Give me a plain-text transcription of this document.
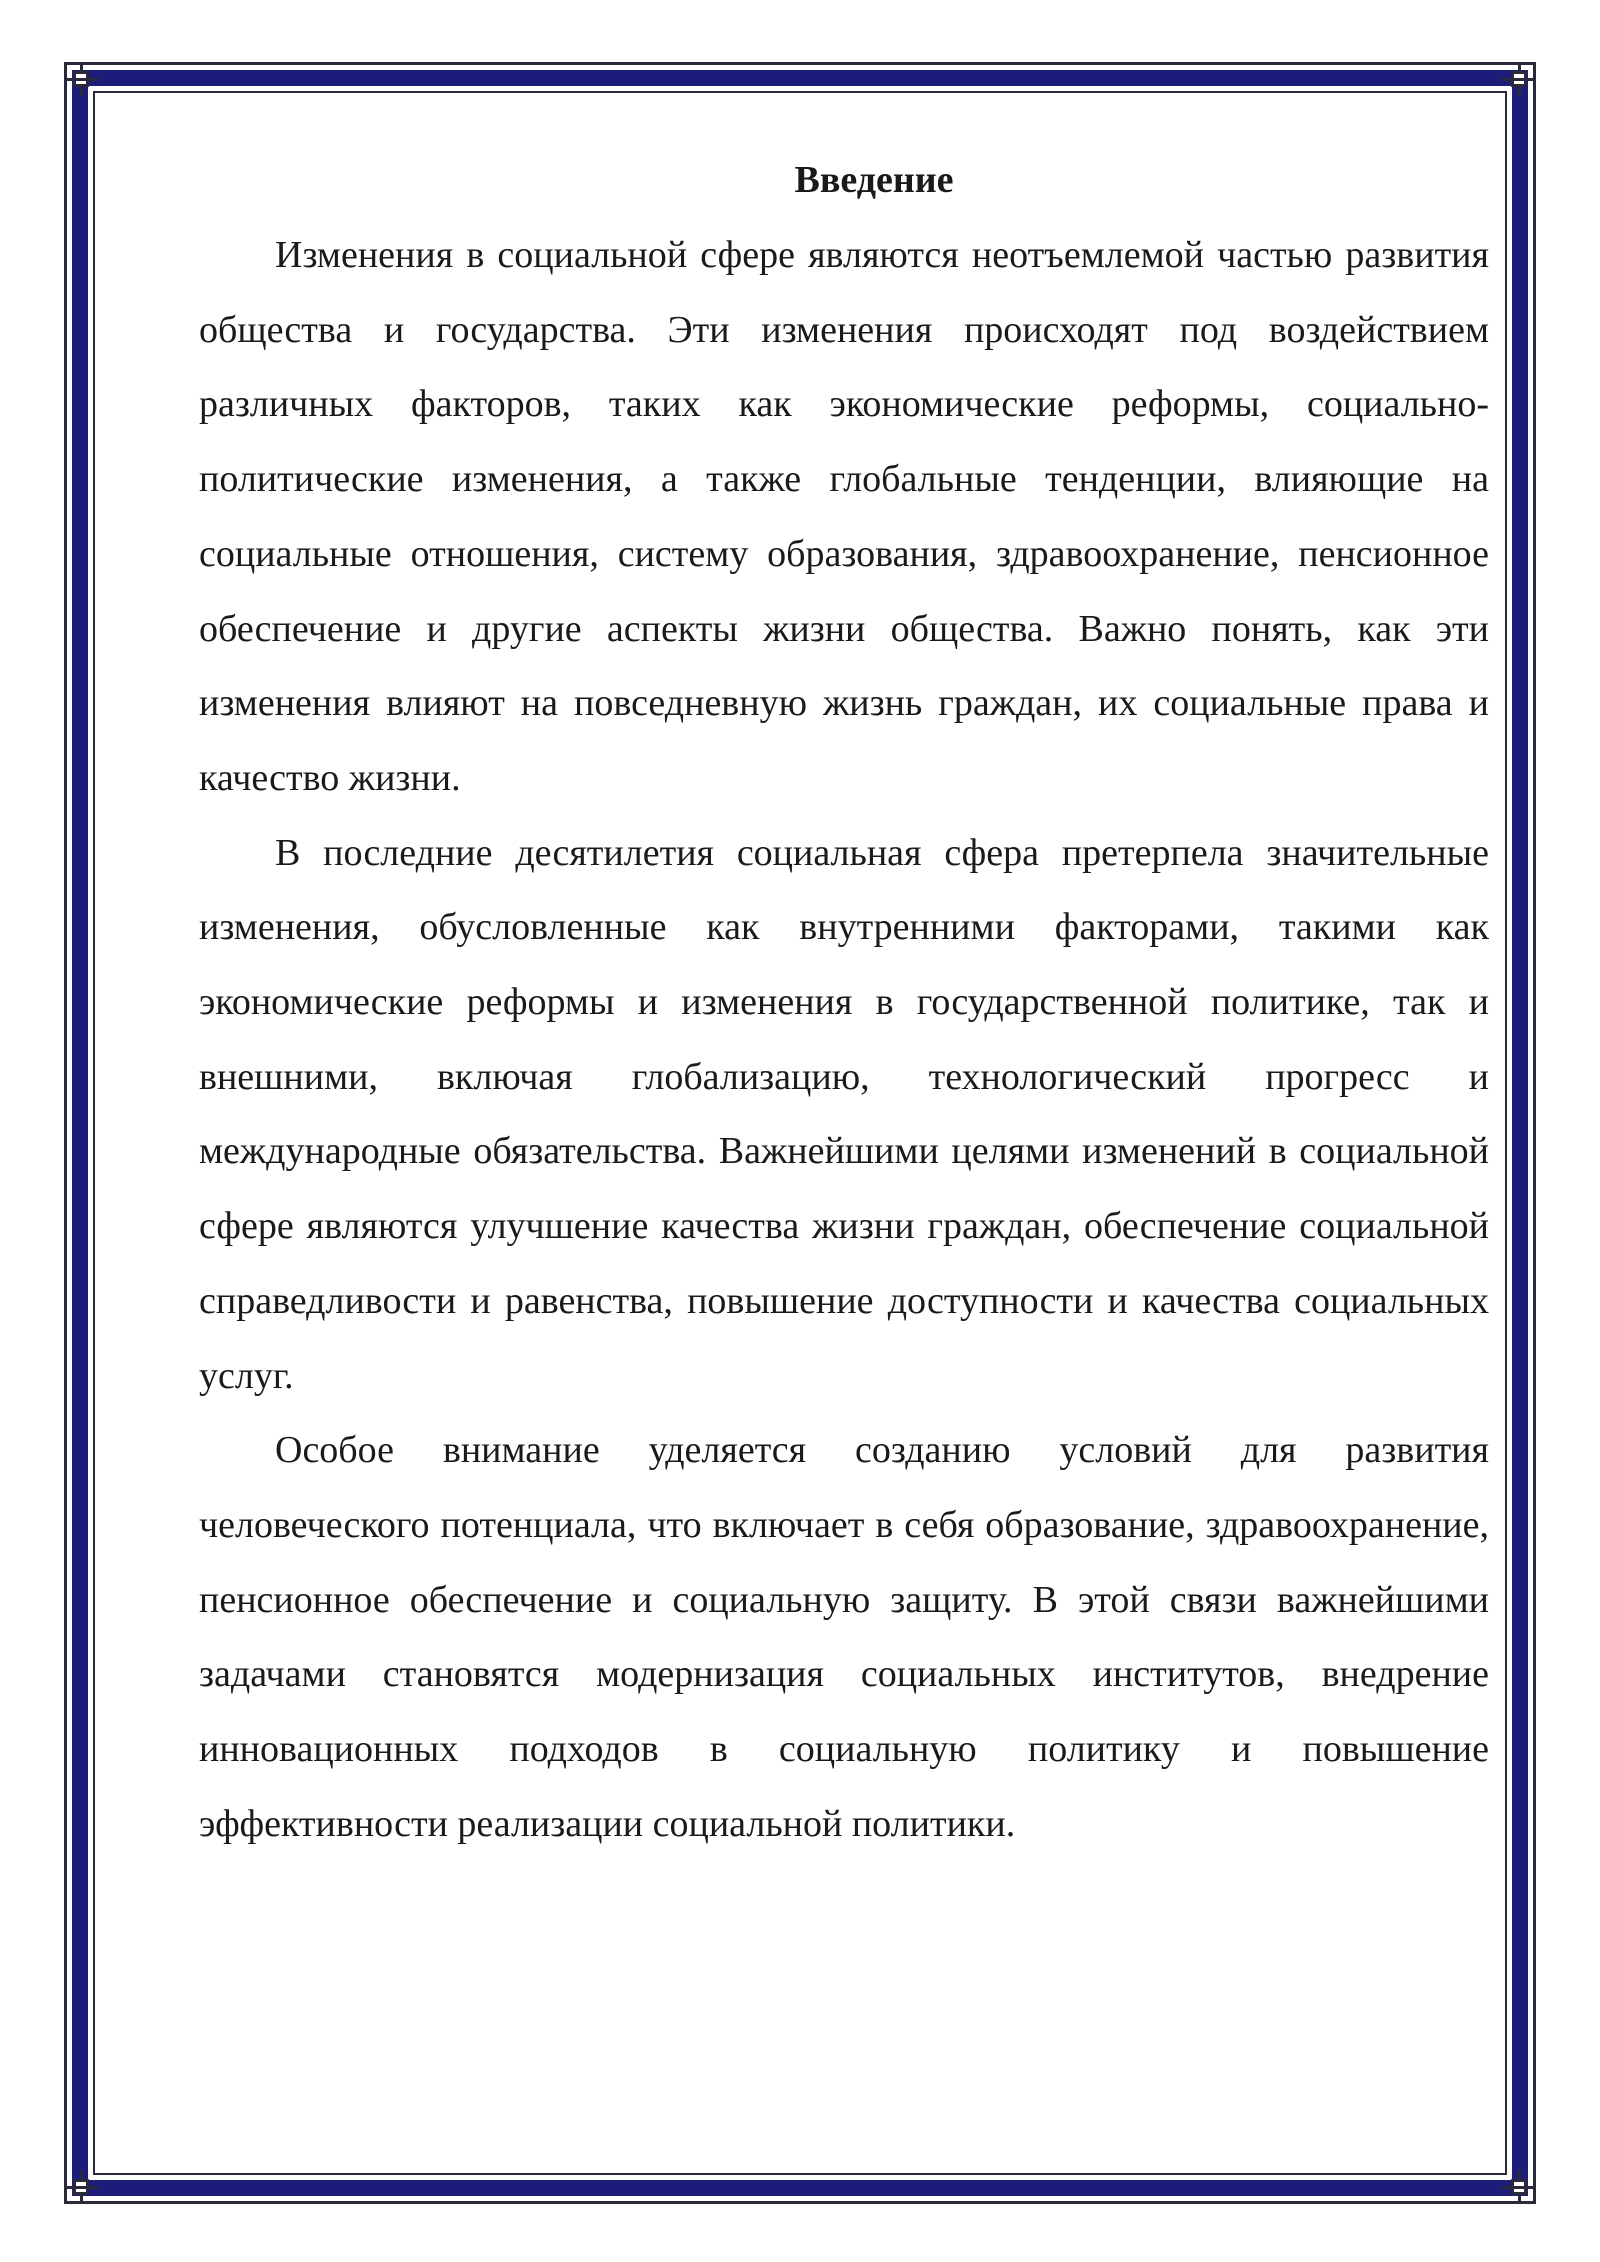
Введение

Изменения в социальной сфере являются неотъемлемой частью развития общества и государства. Эти изменения происходят под воздействием различных факторов, таких как экономические реформы, социально-политические изменения, а также глобальные тенденции, влияющие на социальные отношения, систему образования, здравоохранение, пенсионное обеспечение и другие аспекты жизни общества. Важно понять, как эти изменения влияют на повседневную жизнь граждан, их социальные права и качество жизни.

В последние десятилетия социальная сфера претерпела значительные изменения, обусловленные как внутренними факторами, такими как экономические реформы и изменения в государственной политике, так и внешними, включая глобализацию, технологический прогресс и международные обязательства. Важнейшими целями изменений в социальной сфере являются улучшение качества жизни граждан, обеспечение социальной справедливости и равенства, повышение доступности и качества социальных услуг.

Особое внимание уделяется созданию условий для развития человеческого потенциала, что включает в себя образование, здравоохранение, пенсионное обеспечение и социальную защиту. В этой связи важнейшими задачами становятся модернизация социальных институтов, внедрение инновационных подходов в социальную политику и повышение эффективности реализации социальной политики.
